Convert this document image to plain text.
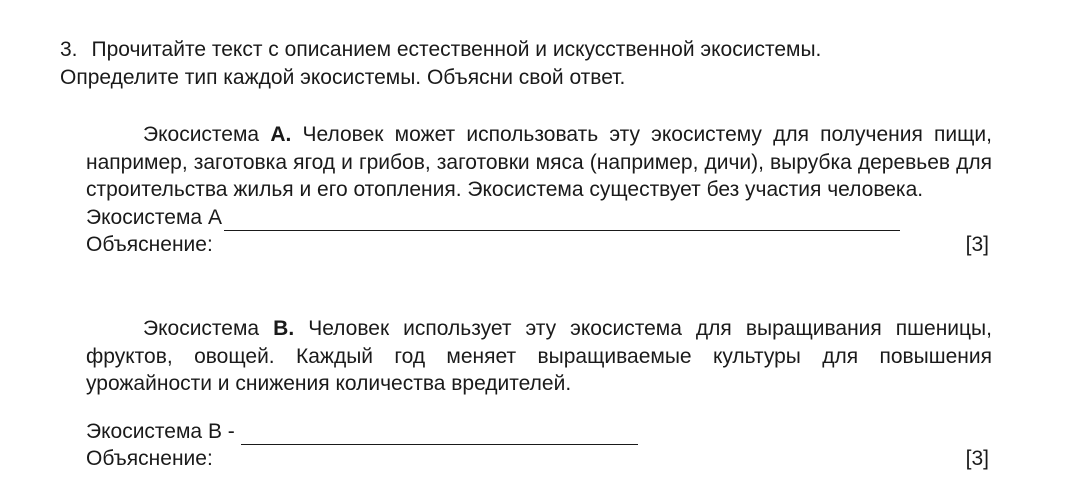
3. Прочитайте текст с описанием естественной и искусственной экосистемы.
Определите тип каждой экосистемы. Объясни свой ответ.

Экосистема А. Человек может использовать эту экосистему для получения пищи, например, заготовка ягод и грибов, заготовки мяса (например, дичи), вырубка деревьев для строительства жилья и его отопления. Экосистема существует без участия человека.

Экосистема А
Объяснение:	[3]

Экосистема В. Человек использует эту экосистема для выращивания пшеницы, фруктов, овощей. Каждый год меняет выращиваемые культуры для повышения урожайности и снижения количества вредителей.

Экосистема В -
Объяснение:	[3]
